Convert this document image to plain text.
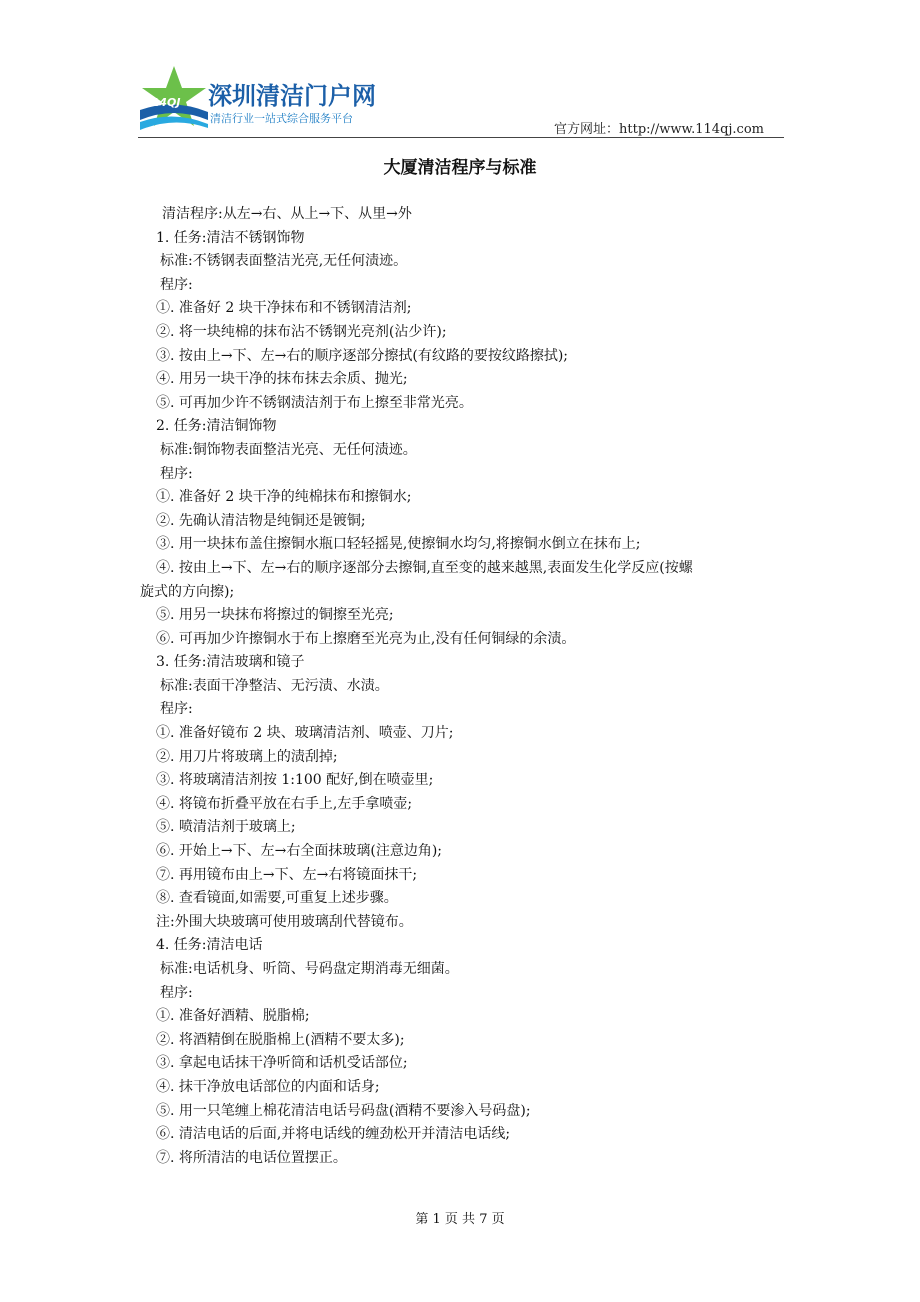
114QJ 深圳清洁门户网
清洁行业一站式综合服务平台
官方网址：http://www.114qj.com
大厦清洁程序与标准
清洁程序:从左→右、从上→下、从里→外
1. 任务:清洁不锈钢饰物
标准:不锈钢表面整洁光亮,无任何渍迹。
程序:
①. 准备好 2 块干净抹布和不锈钢清洁剂;
②. 将一块纯棉的抹布沾不锈钢光亮剂(沾少许);
③. 按由上→下、左→右的顺序逐部分擦拭(有纹路的要按纹路擦拭);
④. 用另一块干净的抹布抹去余质、抛光;
⑤. 可再加少许不锈钢渍洁剂于布上擦至非常光亮。
2. 任务:清洁铜饰物
标准:铜饰物表面整洁光亮、无任何渍迹。
程序:
①. 准备好 2 块干净的纯棉抹布和擦铜水;
②. 先确认清洁物是纯铜还是镀铜;
③. 用一块抹布盖住擦铜水瓶口轻轻摇晃,使擦铜水均匀,将擦铜水倒立在抹布上;
④. 按由上→下、左→右的顺序逐部分去擦铜,直至变的越来越黑,表面发生化学反应(按螺
旋式的方向擦);
⑤. 用另一块抹布将擦过的铜擦至光亮;
⑥. 可再加少许擦铜水于布上擦磨至光亮为止,没有任何铜绿的余渍。
3. 任务:清洁玻璃和镜子
标准:表面干净整洁、无污渍、水渍。
程序:
①. 准备好镜布 2 块、玻璃清洁剂、喷壶、刀片;
②. 用刀片将玻璃上的渍刮掉;
③. 将玻璃清洁剂按 1:100 配好,倒在喷壶里;
④. 将镜布折叠平放在右手上,左手拿喷壶;
⑤. 喷清洁剂于玻璃上;
⑥. 开始上→下、左→右全面抹玻璃(注意边角);
⑦. 再用镜布由上→下、左→右将镜面抹干;
⑧. 查看镜面,如需要,可重复上述步骤。
注:外围大块玻璃可使用玻璃刮代替镜布。
4. 任务:清洁电话
标准:电话机身、听筒、号码盘定期消毒无细菌。
程序:
①. 准备好酒精、脱脂棉;
②. 将酒精倒在脱脂棉上(酒精不要太多);
③. 拿起电话抹干净听筒和话机受话部位;
④. 抹干净放电话部位的内面和话身;
⑤. 用一只笔缠上棉花清洁电话号码盘(酒精不要渗入号码盘);
⑥. 清洁电话的后面,并将电话线的缠劲松开并清洁电话线;
⑦. 将所清洁的电话位置摆正。
第 1 页 共 7 页
